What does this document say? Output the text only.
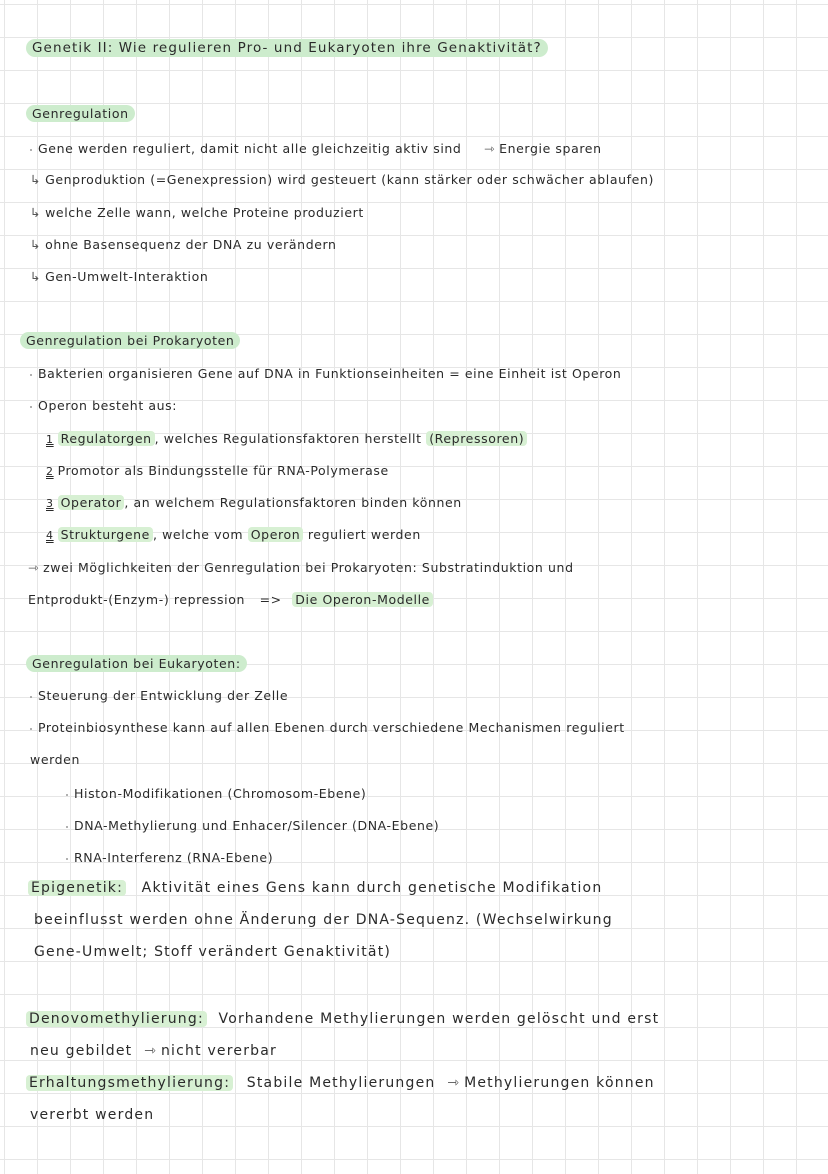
Genetik II: Wie regulieren Pro- und Eukaryoten ihre Genaktivität?
Genregulation
Gene werden reguliert, damit nicht alle gleichzeitig aktiv sind ⇾ Energie sparen
↳ Genproduktion (=Genexpression) wird gesteuert (kann stärker oder schwächer ablaufen)
↳ welche Zelle wann, welche Proteine produziert
↳ ohne Basensequenz der DNA zu verändern
↳ Gen-Umwelt-Interaktion
Genregulation bei Prokaryoten
Bakterien organisieren Gene auf DNA in Funktionseinheiten = eine Einheit ist Operon
Operon besteht aus:
1 Regulatorgen , welches Regulationsfaktoren herstellt (Repressoren)
2 Promotor als Bindungsstelle für RNA-Polymerase
3 Operator , an welchem Regulationsfaktoren binden können
4 Strukturgene , welche vom Operon reguliert werden
⇾ zwei Möglichkeiten der Genregulation bei Prokaryoten: Substratinduktion und
Entprodukt-(Enzym-) repression => Die Operon-Modelle
Genregulation bei Eukaryoten:
Steuerung der Entwicklung der Zelle
Proteinbiosynthese kann auf allen Ebenen durch verschiedene Mechanismen reguliert
werden
Histon-Modifikationen (Chromosom-Ebene)
DNA-Methylierung und Enhacer/Silencer (DNA-Ebene)
RNA-Interferenz (RNA-Ebene)
Epigenetik: Aktivität eines Gens kann durch genetische Modifikation
beeinflusst werden ohne Änderung der DNA-Sequenz. (Wechselwirkung
Gene-Umwelt; Stoff verändert Genaktivität)
Denovomethylierung: Vorhandene Methylierungen werden gelöscht und erst
neu gebildet ⇾ nicht vererbar
Erhaltungsmethylierung: Stabile Methylierungen ⇾ Methylierungen können
vererbt werden
